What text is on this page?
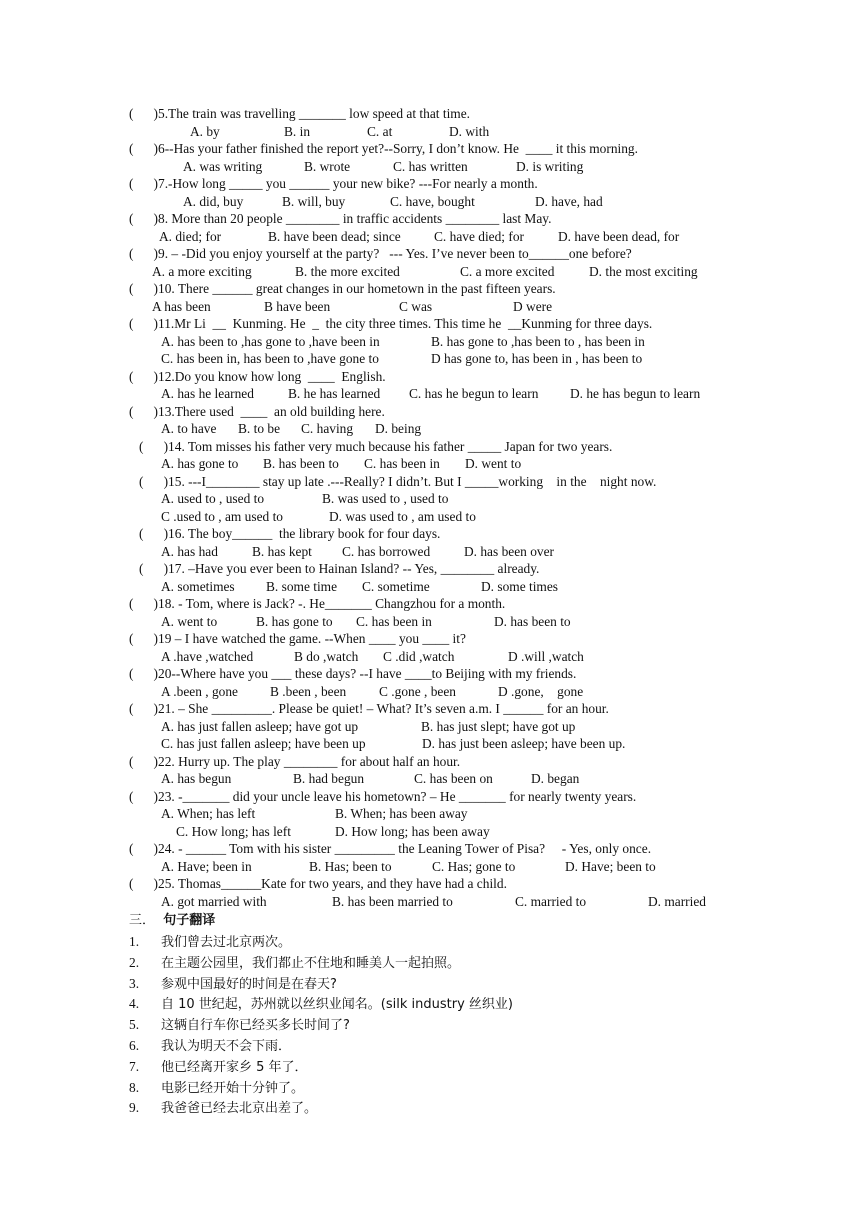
(      )5.The train was travelling _______ low speed at that time.
A. by	B. in	C. at	D. with
(      )6--Has your father finished the report yet?--Sorry, I don’t know. He  ____ it this morning.
A. was writing	B. wrote	C. has written	D. is writing
(      )7.-How long _____ you ______ your new bike? ---For nearly a month.
A. did, buy	B. will, buy	C. have, bought	D. have, had
(      )8. More than 20 people ________ in traffic accidents ________ last May.
A. died; for	B. have been dead; since C. have died; for	D. have been dead, for
(      )9. – -Did you enjoy yourself at the party?   --- Yes. I’ve never been to______one before?
A. a more exciting	B. the more excited	C. a more excited	D. the most exciting
(      )10. There ______ great changes in our hometown in the past fifteen years.
A has been	B have been	C was	D were
(      )11.Mr Li  __  Kunming. He  _  the city three times. This time he  __Kunming for three days.
A. has been to ,has gone to ,have been in	B. has gone to ,has been to , has been in
C. has been in, has been to ,have gone to	D has gone to, has been in , has been to
(      )12.Do you know how long  ____  English.
A. has he learned	B. he has learned C. has he begun to learn D. he has begun to learn
(      )13.There used  ____  an old building here.
A. to have B. to be C. having D. being
(      )14. Tom misses his father very much because his father _____ Japan for two years.
A. has gone to B. has been to C. has been in D. went to
(      )15. ---I________ stay up late .---Really? I didn’t. But I _____working    in the    night now.
A. used to , used to	B. was used to , used to
C .used to , am used to	D. was used to , am used to
(      )16. The boy______  the library book for four days.
A. has had	B. has kept C. has borrowed	D. has been over
(      )17. –Have you ever been to Hainan Island? -- Yes, ________ already.
A. sometimes B. some time C. sometime	D. some times
(      )18. - Tom, where is Jack? -. He_______ Changzhou for a month.
A. went to	B. has gone to C. has been in	D. has been to
(      )19 – I have watched the game. --When ____ you ____ it?
A .have ,watched	B do ,watch C .did ,watch	D .will ,watch
(      )20--Where have you ___ these days? --I have ____to Beijing with my friends.
A .been , gone B .been , been C .gone , been	D .gone,    gone
(      )21. – She _________. Please be quiet! – What? It’s seven a.m. I ______ for an hour.
A. has just fallen asleep; have got up	B. has just slept; have got up
C. has just fallen asleep; have been up	D. has just been asleep; have been up.
(      )22. Hurry up. The play ________ for about half an hour.
A. has begun	B. had begun	C. has been on	D. began
(      )23. -_______ did your uncle leave his hometown? – He _______ for nearly twenty years.
A. When; has left	B. When; has been away
C. How long; has left	D. How long; has been away
(      )24. - ______ Tom with his sister _________ the Leaning Tower of Pisa?     - Yes, only once.
A. Have; been in	B. Has; been to	C. Has; gone to	D. Have; been to
(      )25. Thomas______Kate for two years, and they have had a child.
A. got married with	B. has been married to	C. married to	D. married
三．  句子翻译
1. 我们曾去过北京两次。
2. 在主题公园里，我们都止不住地和睡美人一起拍照。
3. 参观中国最好的时间是在春天?
4. 自 10 世纪起，苏州就以丝织业闻名。(silk industry 丝织业)
5. 这辆自行车你已经买多长时间了?
6. 我认为明天不会下雨．
7. 他已经离开家乡 5 年了．
8. 电影已经开始十分钟了。
9. 我爸爸已经去北京出差了。
